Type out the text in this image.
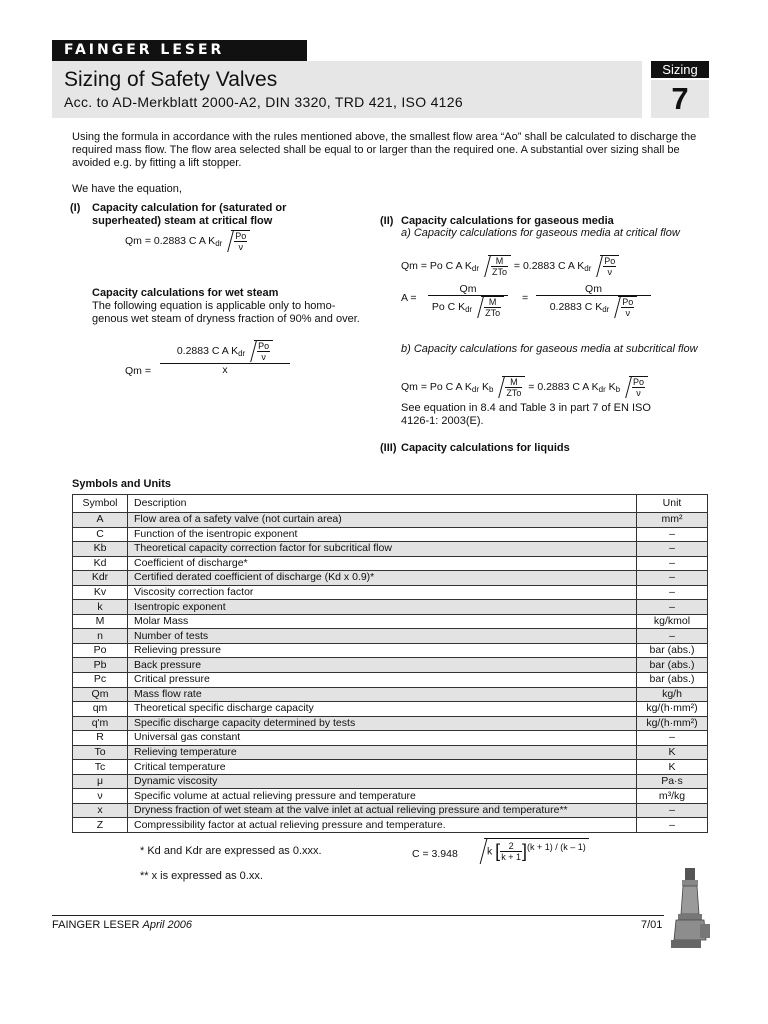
FAINGER LESER
Sizing of Safety Valves
Acc. to AD-Merkblatt 2000-A2, DIN 3320, TRD 421, ISO 4126
Sizing
7
Using the formula in accordance with the rules mentioned above, the smallest flow area “Ao” shall be calculated to discharge the required mass flow. The flow area selected shall be equal to or larger than the required one. A substantial over sizing shall be avoided e.g. by fitting a lift stopper.
We have the equation,
(I) Capacity calculation for (saturated or superheated) steam at critical flow
Qm = 0.2883 C A $K_{dr} \frac{Po}{\nu}$
Capacity calculations for wet steam
The following equation is applicable only to homo-genous wet steam of dryness fraction of 90% and over.
Qm =
0.2883 C A $K_{dr} \frac{Po}{\nu}$
x
(II) Capacity calculations for gaseous media
a) Capacity calculations for gaseous media at critical flow
Qm = Po C A $K_{dr} \frac{M}{\text{ZTo}} = 0.2883$ C A $K_{dr} \frac{Po}{\nu}$
A =
Qm
Po C $K_{dr} \frac{M}{\text{ZTo}}$ =
Qm
0.2883 C $K_{dr} \frac{Po}{\nu}$
b) Capacity calculations for gaseous media at subcritical flow
Qm = Po C A $K_{dr}$ $K_b \frac{M}{\text{ZTo}} = 0.2883$ C A $K_{dr}$ $K_b \frac{Po}{\nu}$
See equation in 8.4 and Table 3 in part 7 of EN ISO 4126-1: 2003(E).
(III) Capacity calculations for liquids
Symbols and Units
Symbol	Description	Unit
A	Flow area of a safety valve (not curtain area)	mm²
C	Function of the isentropic exponent	–
Kb	Theoretical capacity correction factor for subcritical flow	–
Kd	Coefficient of discharge*	–
Kdr	Certified derated coefficient of discharge (Kd x 0.9)*	–
Kv	Viscosity correction factor	–
k	Isentropic exponent	–
M	Molar Mass	kg/kmol
n	Number of tests	–
Po	Relieving pressure	bar (abs.)
Pb	Back pressure	bar (abs.)
Pc	Critical pressure	bar (abs.)
Qm	Mass flow rate	kg/h
qm	Theoretical specific discharge capacity	kg/(h·mm²)
q'm	Specific discharge capacity determined by tests	kg/(h·mm²)
R	Universal gas constant	–
To	Relieving temperature	K
Tc	Critical temperature	K
μ	Dynamic viscosity	Pa·s
ν	Specific volume at actual relieving pressure and temperature	m³/kg
x	Dryness fraction of wet steam at the valve inlet at actual relieving pressure and temperature**	–
Z	Compressibility factor at actual relieving pressure and temperature.	–
* Kd and Kdr are expressed as 0.xxx.
** x is expressed as 0.xx.
C = 3.948	k [ $\frac{2}{k + 1} ]^{(k + 1) / (k - 1)}$
FAINGER LESER April 2006	7/01
